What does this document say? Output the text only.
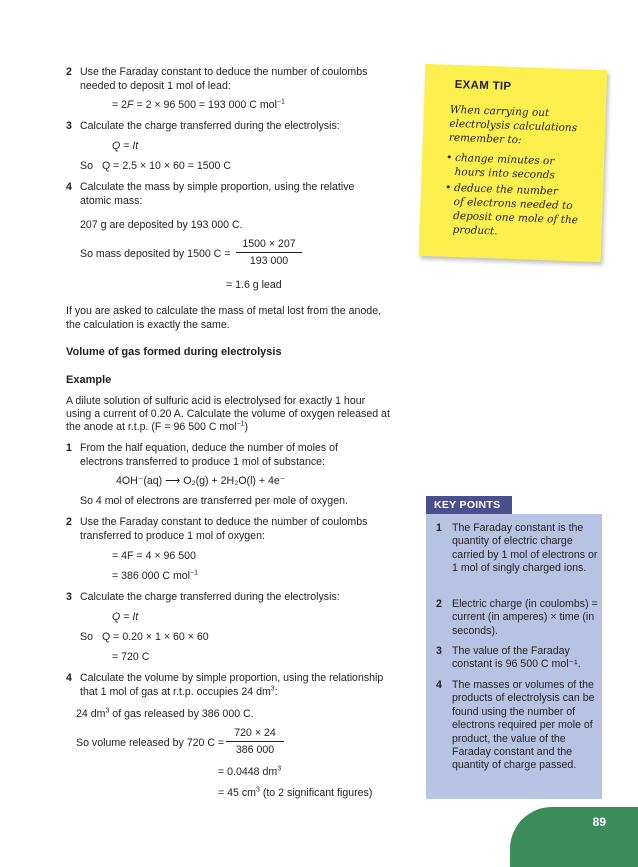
2 Use the Faraday constant to deduce the number of coulombs
needed to deposit 1 mol of lead:
= 2F = 2 × 96 500 = 193 000 C mol$^{-1}$
3 Calculate the charge transferred during the electrolysis:
Q = It
So Q = 2.5 × 10 × 60 = 1500 C
4 Calculate the mass by simple proportion, using the relative
atomic mass:
207 g are deposited by 193 000 C.
So mass deposited by 1500 $C = \frac{1500 \times 207}{193 000}$
= 1.6 g lead
If you are asked to calculate the mass of metal lost from the anode,
the calculation is exactly the same.
Volume of gas formed during electrolysis
Example
A dilute solution of sulfuric acid is electrolysed for exactly 1 hour
using a current of 0.20 A. Calculate the volume of oxygen released at
the anode at r.t.p. (F = 96 500 C mol$^{-1}$)
1 From the half equation, deduce the number of moles of
electrons transferred to produce 1 mol of substance:
4OH⁻(aq) ⟶ O₂(g) + 2H₂O(l) + 4e⁻
So 4 mol of electrons are transferred per mole of oxygen.
2 Use the Faraday constant to deduce the number of coulombs
transferred to produce 1 mol of oxygen:
= 4F = 4 × 96 500
= 386 000 C mol$^{-1}$
3 Calculate the charge transferred during the electrolysis:
Q = It
So Q = 0.20 × 1 × 60 × 60
= 720 C
4 Calculate the volume by simple proportion, using the relationship
that 1 mol of gas at r.t.p. occupies 24 $dm^3$:
24 $dm^3$ of gas released by 386 000 C.
So volume released by 720 $C = \frac{720 \times 24}{386 000}$
= 0.0448 $dm^3$
= 45 $cm^3$ (to 2 significant figures)
EXAM TIP
When carrying out
electrolysis calculations
remember to:
• change minutes or
hours into seconds
• deduce the number
of electrons needed to
deposit one mole of the
product.
KEY POINTS
1 The Faraday constant is the quantity of electric charge carried by 1 mol of electrons or 1 mol of singly charged ions.
2 Electric charge (in coulombs) = current (in amperes) × time (in seconds).
3 The value of the Faraday constant is 96 500 C mol⁻¹.
4 The masses or volumes of the products of electrolysis can be found using the number of electrons required per mole of product, the value of the Faraday constant and the quantity of charge passed.
89
